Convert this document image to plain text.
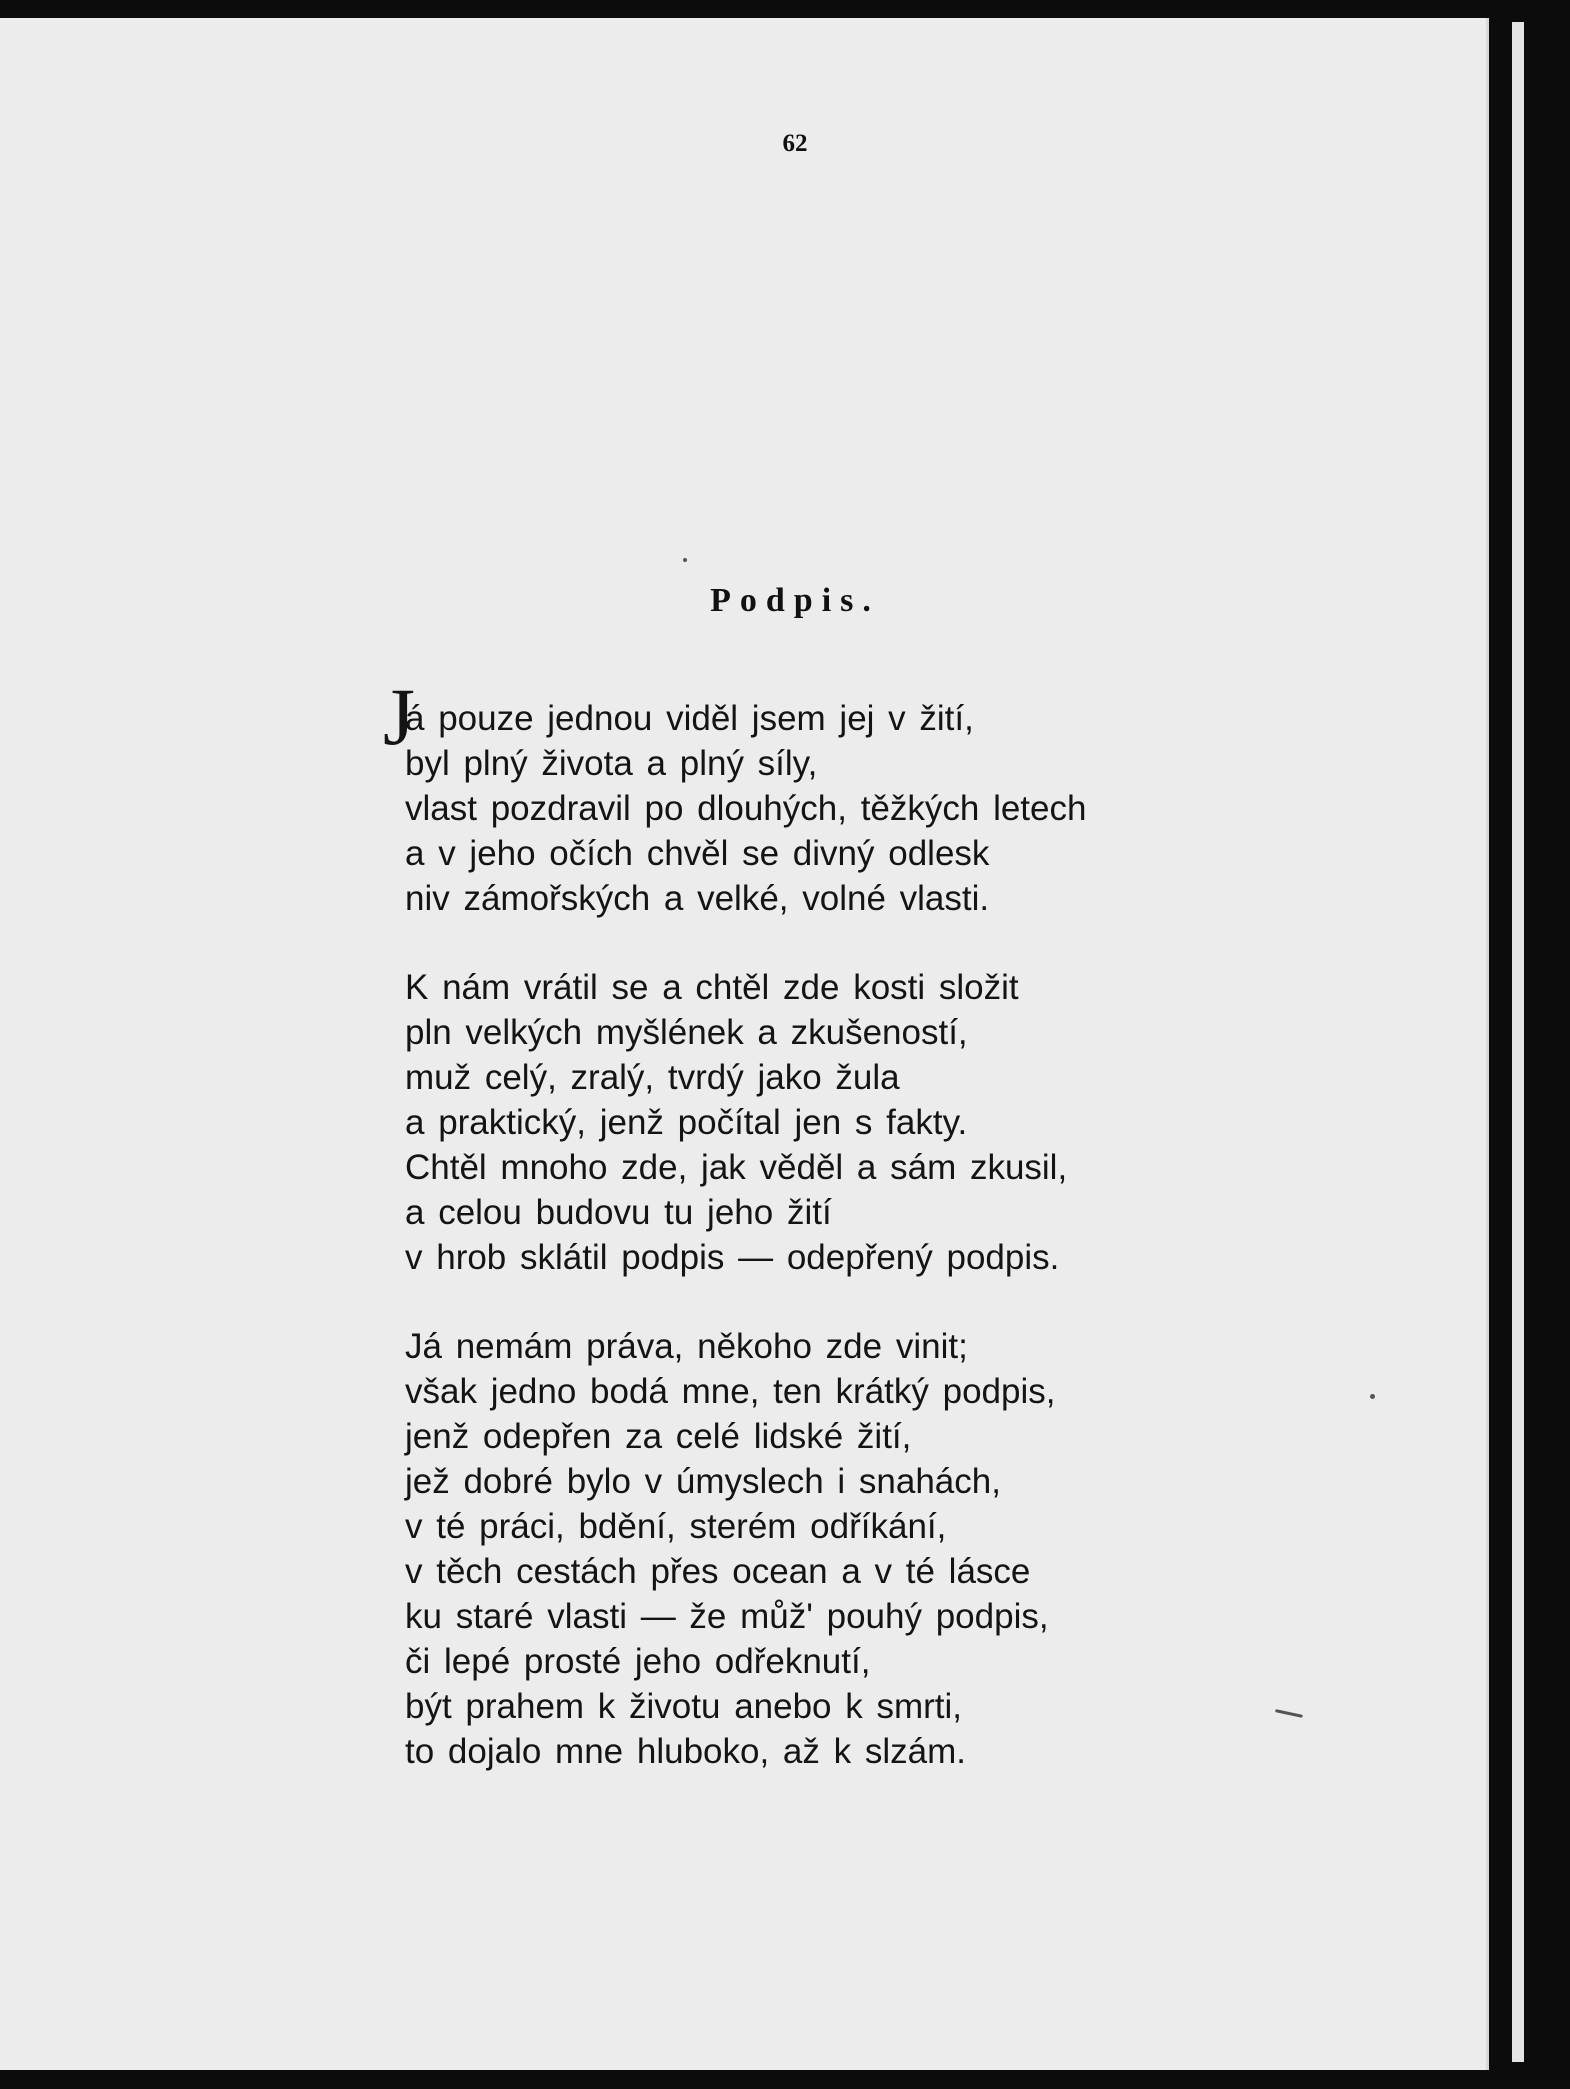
62
Podpis.
J
á pouze jednou viděl jsem jej v žití,
byl plný života a plný síly,
vlast pozdravil po dlouhých, těžkých letech
a v jeho očích chvěl se divný odlesk
niv zámořských a velké, volné vlasti.
K nám vrátil se a chtěl zde kosti složit
pln velkých myšlének a zkušeností,
muž celý, zralý, tvrdý jako žula
a praktický, jenž počítal jen s fakty.
Chtěl mnoho zde, jak věděl a sám zkusil,
a celou budovu tu jeho žití
v hrob sklátil podpis — odepřený podpis.
Já nemám práva, někoho zde vinit;
však jedno bodá mne, ten krátký podpis,
jenž odepřen za celé lidské žití,
jež dobré bylo v úmyslech i snahách,
v té práci, bdění, sterém odříkání,
v těch cestách přes ocean a v té lásce
ku staré vlasti — že můž' pouhý podpis,
či lepé prosté jeho odřeknutí,
být prahem k životu anebo k smrti,
to dojalo mne hluboko, až k slzám.
